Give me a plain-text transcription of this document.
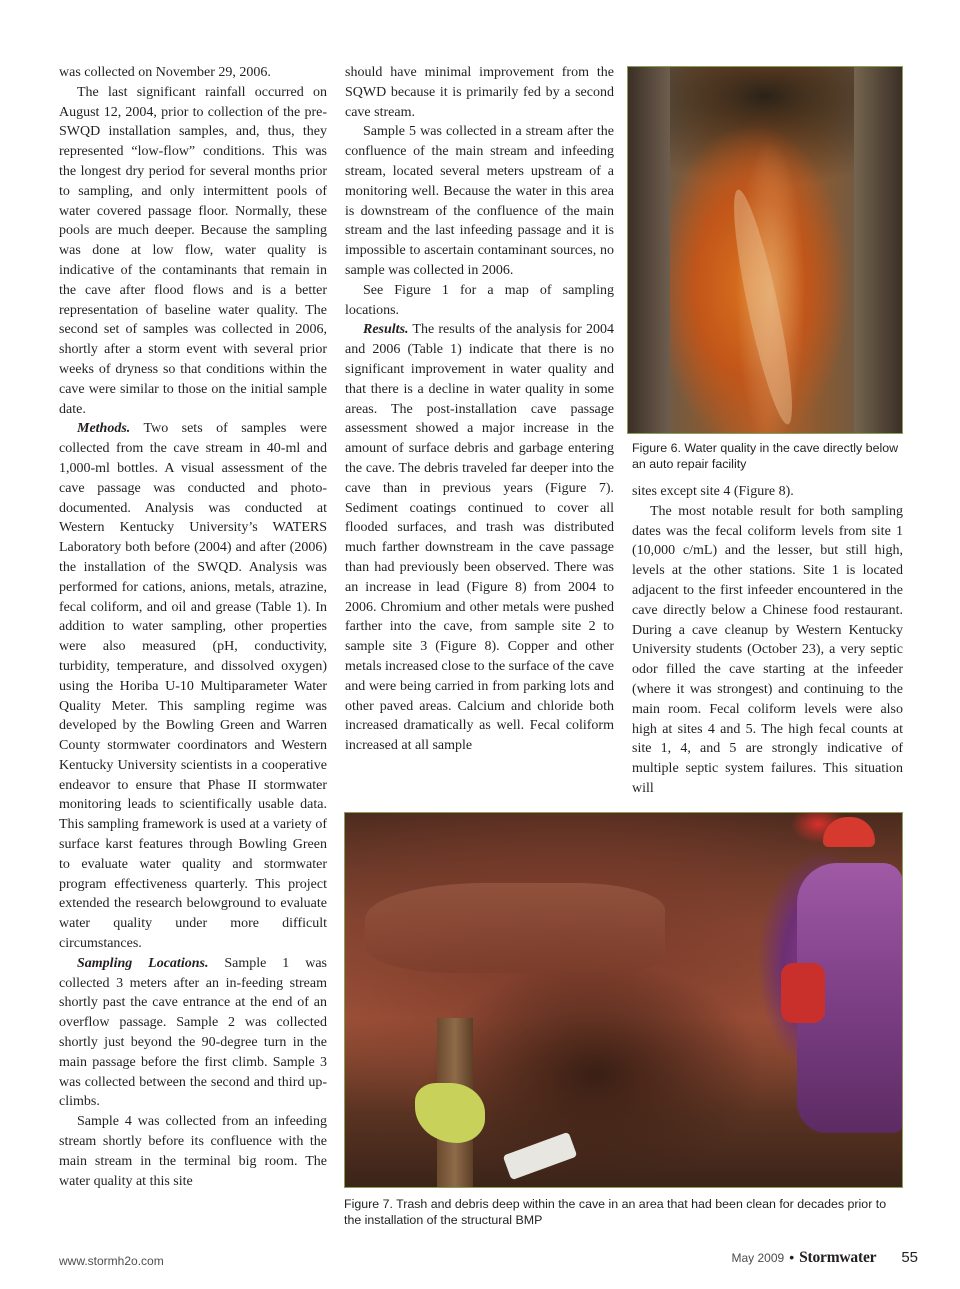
was collected on November 29, 2006.

The last significant rainfall occurred on August 12, 2004, prior to collection of the pre-SWQD installation samples, and, thus, they represented “low-flow” conditions. This was the longest dry period for several months prior to sampling, and only intermittent pools of water covered passage floor. Normally, these pools are much deeper. Because the sampling was done at low flow, water quality is indicative of the contaminants that remain in the cave after flood flows and is a better representation of baseline water quality. The second set of samples was collected in 2006, shortly after a storm event with several prior weeks of dryness so that conditions within the cave were similar to those on the initial sample date.

Methods. Two sets of samples were collected from the cave stream in 40-ml and 1,000-ml bottles. A visual assessment of the cave passage was conducted and photo-documented. Analysis was conducted at Western Kentucky University’s WATERS Laboratory both before (2004) and after (2006) the installation of the SWQD. Analysis was performed for cations, anions, metals, atrazine, fecal coliform, and oil and grease (Table 1). In addition to water sampling, other properties were also measured (pH, conductivity, turbidity, temperature, and dissolved oxygen) using the Horiba U-10 Multiparameter Water Quality Meter. This sampling regime was developed by the Bowling Green and Warren County stormwater coordinators and Western Kentucky University scientists in a cooperative endeavor to ensure that Phase II stormwater monitoring leads to scientifically usable data. This sampling framework is used at a variety of surface karst features through Bowling Green to evaluate water quality and stormwater program effectiveness quarterly. This project extended the research belowground to evaluate water quality under more difficult circumstances.

Sampling Locations. Sample 1 was collected 3 meters after an in-feeding stream shortly past the cave entrance at the end of an overflow passage. Sample 2 was collected shortly just beyond the 90-degree turn in the main passage before the first climb. Sample 3 was collected between the second and third up-climbs.

Sample 4 was collected from an infeeding stream shortly before its confluence with the main stream in the terminal big room. The water quality at this site

should have minimal improvement from the SQWD because it is primarily fed by a second cave stream.

Sample 5 was collected in a stream after the confluence of the main stream and infeeding stream, located several meters upstream of a monitoring well. Because the water in this area is downstream of the confluence of the main stream and the last infeeding passage and it is impossible to ascertain contaminant sources, no sample was collected in 2006.

See Figure 1 for a map of sampling locations.

Results. The results of the analysis for 2004 and 2006 (Table 1) indicate that there is no significant improvement in water quality and that there is a decline in water quality in some areas. The post-installation cave passage assessment showed a major increase in the amount of surface debris and garbage entering the cave. The debris traveled far deeper into the cave than in previous years (Figure 7). Sediment coatings continued to cover all flooded surfaces, and trash was distributed much farther downstream in the cave passage than had previously been observed. There was an increase in lead (Figure 8) from 2004 to 2006. Chromium and other metals were pushed farther into the cave, from sample site 2 to sample site 3 (Figure 8). Copper and other metals increased close to the surface of the cave and were being carried in from parking lots and other paved areas. Calcium and chloride both increased dramatically as well. Fecal coliform increased at all sample

Figure 6. Water quality in the cave directly below an auto repair facility

sites except site 4 (Figure 8).

The most notable result for both sampling dates was the fecal coliform levels from site 1 (10,000 c/mL) and the lesser, but still high, levels at the other stations. Site 1 is located adjacent to the first infeeder encountered in the cave directly below a Chinese food restaurant. During a cave cleanup by Western Kentucky University students (October 23), a very septic odor filled the cave starting at the infeeder (where it was strongest) and continuing to the main room. Fecal coliform levels were also high at sites 4 and 5. The high fecal counts at site 1, 4, and 5 are strongly indicative of multiple septic system failures. This situation will

Figure 7. Trash and debris deep within the cave in an area that had been clean for decades prior to the installation of the structural BMP

www.stormh2o.com	May 2009 • Stormwater 55
